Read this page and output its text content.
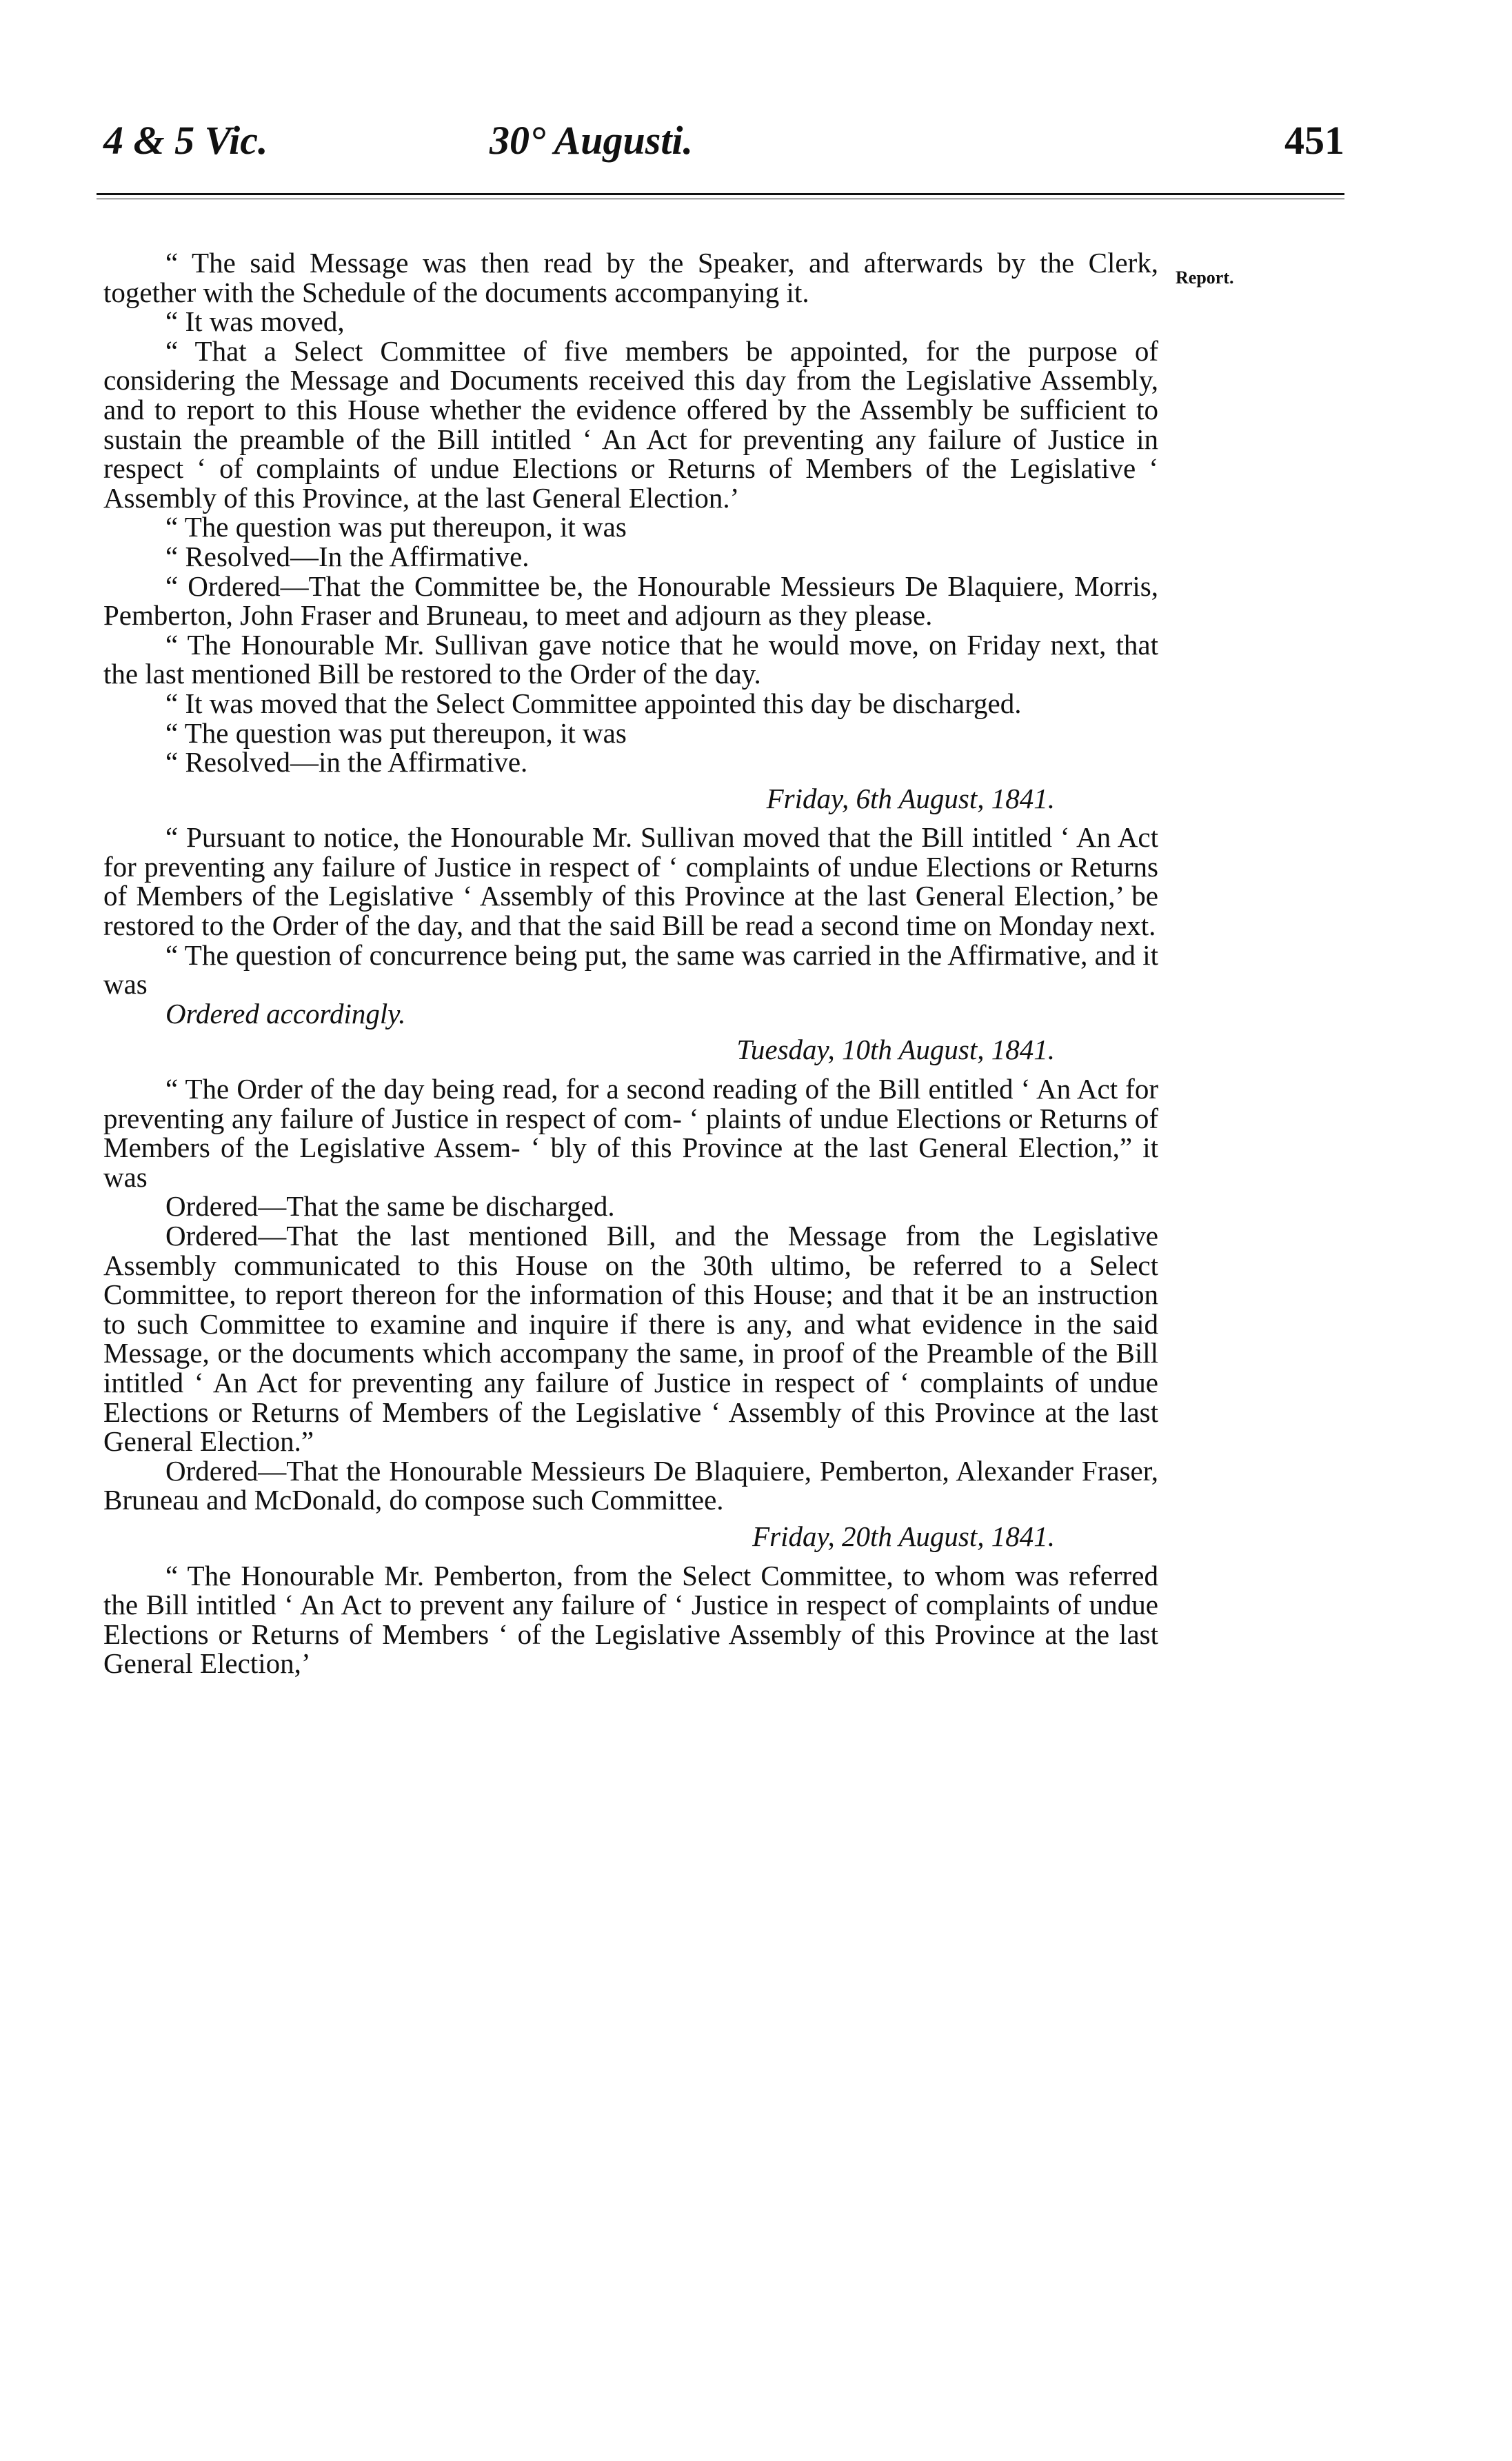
4 & 5 Vic.	30° Augusti.	451
Report.

“ The said Message was then read by the Speaker, and afterwards by the Clerk, together with the Schedule of the documents accompanying it.

“ It was moved,

“ That a Select Committee of five members be appointed, for the purpose of considering the Message and Documents received this day from the Legislative Assembly, and to report to this House whether the evidence offered by the Assembly be sufficient to sustain the preamble of the Bill intitled ‘ An Act for preventing any failure of Justice in respect ‘ of complaints of undue Elections or Returns of Members of the Legislative ‘ Assembly of this Province, at the last General Election.’

“ The question was put thereupon, it was

“ Resolved—In the Affirmative.

“ Ordered—That the Committee be, the Honourable Messieurs De Blaquiere, Morris, Pemberton, John Fraser and Bruneau, to meet and adjourn as they please.

“ The Honourable Mr. Sullivan gave notice that he would move, on Friday next, that the last mentioned Bill be restored to the Order of the day.

“ It was moved that the Select Committee appointed this day be discharged.

“ The question was put thereupon, it was

“ Resolved—in the Affirmative.

Friday, 6th August, 1841.

“ Pursuant to notice, the Honourable Mr. Sullivan moved that the Bill intitled ‘ An Act for preventing any failure of Justice in respect of ‘ complaints of undue Elections or Returns of Members of the Legislative ‘ Assembly of this Province at the last General Election,’ be restored to the Order of the day, and that the said Bill be read a second time on Monday next.

“ The question of concurrence being put, the same was carried in the Affirmative, and it was

Ordered accordingly.

Tuesday, 10th August, 1841.

“ The Order of the day being read, for a second reading of the Bill entitled ‘ An Act for preventing any failure of Justice in respect of com- ‘ plaints of undue Elections or Returns of Members of the Legislative Assem- ‘ bly of this Province at the last General Election,” it was

Ordered—That the same be discharged.

Ordered—That the last mentioned Bill, and the Message from the Legislative Assembly communicated to this House on the 30th ultimo, be referred to a Select Committee, to report thereon for the information of this House; and that it be an instruction to such Committee to examine and inquire if there is any, and what evidence in the said Message, or the documents which accompany the same, in proof of the Preamble of the Bill intitled ‘ An Act for preventing any failure of Justice in respect of ‘ complaints of undue Elections or Returns of Members of the Legislative ‘ Assembly of this Province at the last General Election.”

Ordered—That the Honourable Messieurs De Blaquiere, Pemberton, Alexander Fraser, Bruneau and McDonald, do compose such Committee.

Friday, 20th August, 1841.

“ The Honourable Mr. Pemberton, from the Select Committee, to whom was referred the Bill intitled ‘ An Act to prevent any failure of ‘ Justice in respect of complaints of undue Elections or Returns of Members ‘ of the Legislative Assembly of this Province at the last General Election,’
